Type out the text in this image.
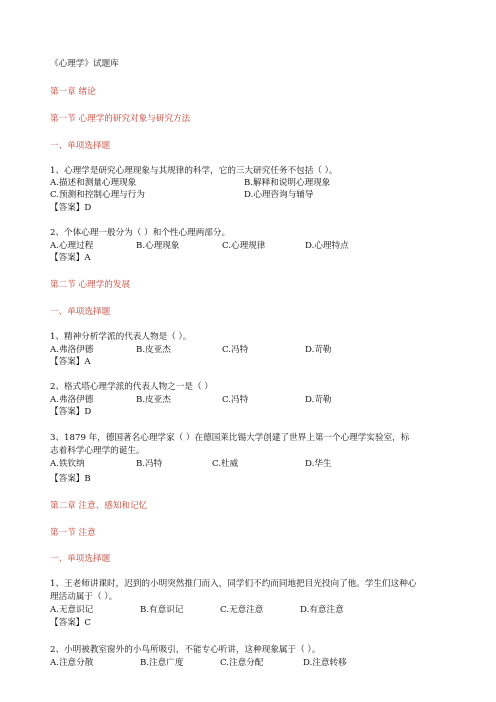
《心理学》试题库
第一章 绪论
第一节 心理学的研究对象与研究方法
一、单项选择题
1、心理学是研究心理现象与其规律的科学，它的三大研究任务不包括（ ）。
A.描述和测量心理现象	B.解释和说明心理现象
C.预测和控制心理与行为	D.心理咨询与辅导
【答案】D
2、个体心理一般分为（ ）和个性心理两部分。
A.心理过程	B.心理现象	C.心理规律	D.心理特点
【答案】A
第二节 心理学的发展
一、单项选择题
1、精神分析学派的代表人物是（ ）。
A.弗洛伊德	B.皮亚杰	C.冯特	D.苛勒
【答案】A
2、格式塔心理学派的代表人物之一是（ ）
A.弗洛伊德	B.皮亚杰	C.冯特	D.苛勒
【答案】D
3、1879 年，德国著名心理学家（ ）在德国莱比锡大学创建了世界上第一个心理学实验室，标
志着科学心理学的诞生。
A.铁钦纳	B.冯特	C.杜威	D.华生
【答案】B
第二章 注意、感知和记忆
第一节 注意
一、单项选择题
1、王老师讲课时，迟到的小明突然推门而入，同学们不约而同地把目光投向了他。学生们这种心
理活动属于（ ）。
A.无意识记	B.有意识记	C.无意注意	D.有意注意
【答案】C
2、小明被教室窗外的小鸟所吸引，不能专心听讲，这种现象属于（ ）。
A.注意分散	B.注意广度	C.注意分配	D.注意转移
